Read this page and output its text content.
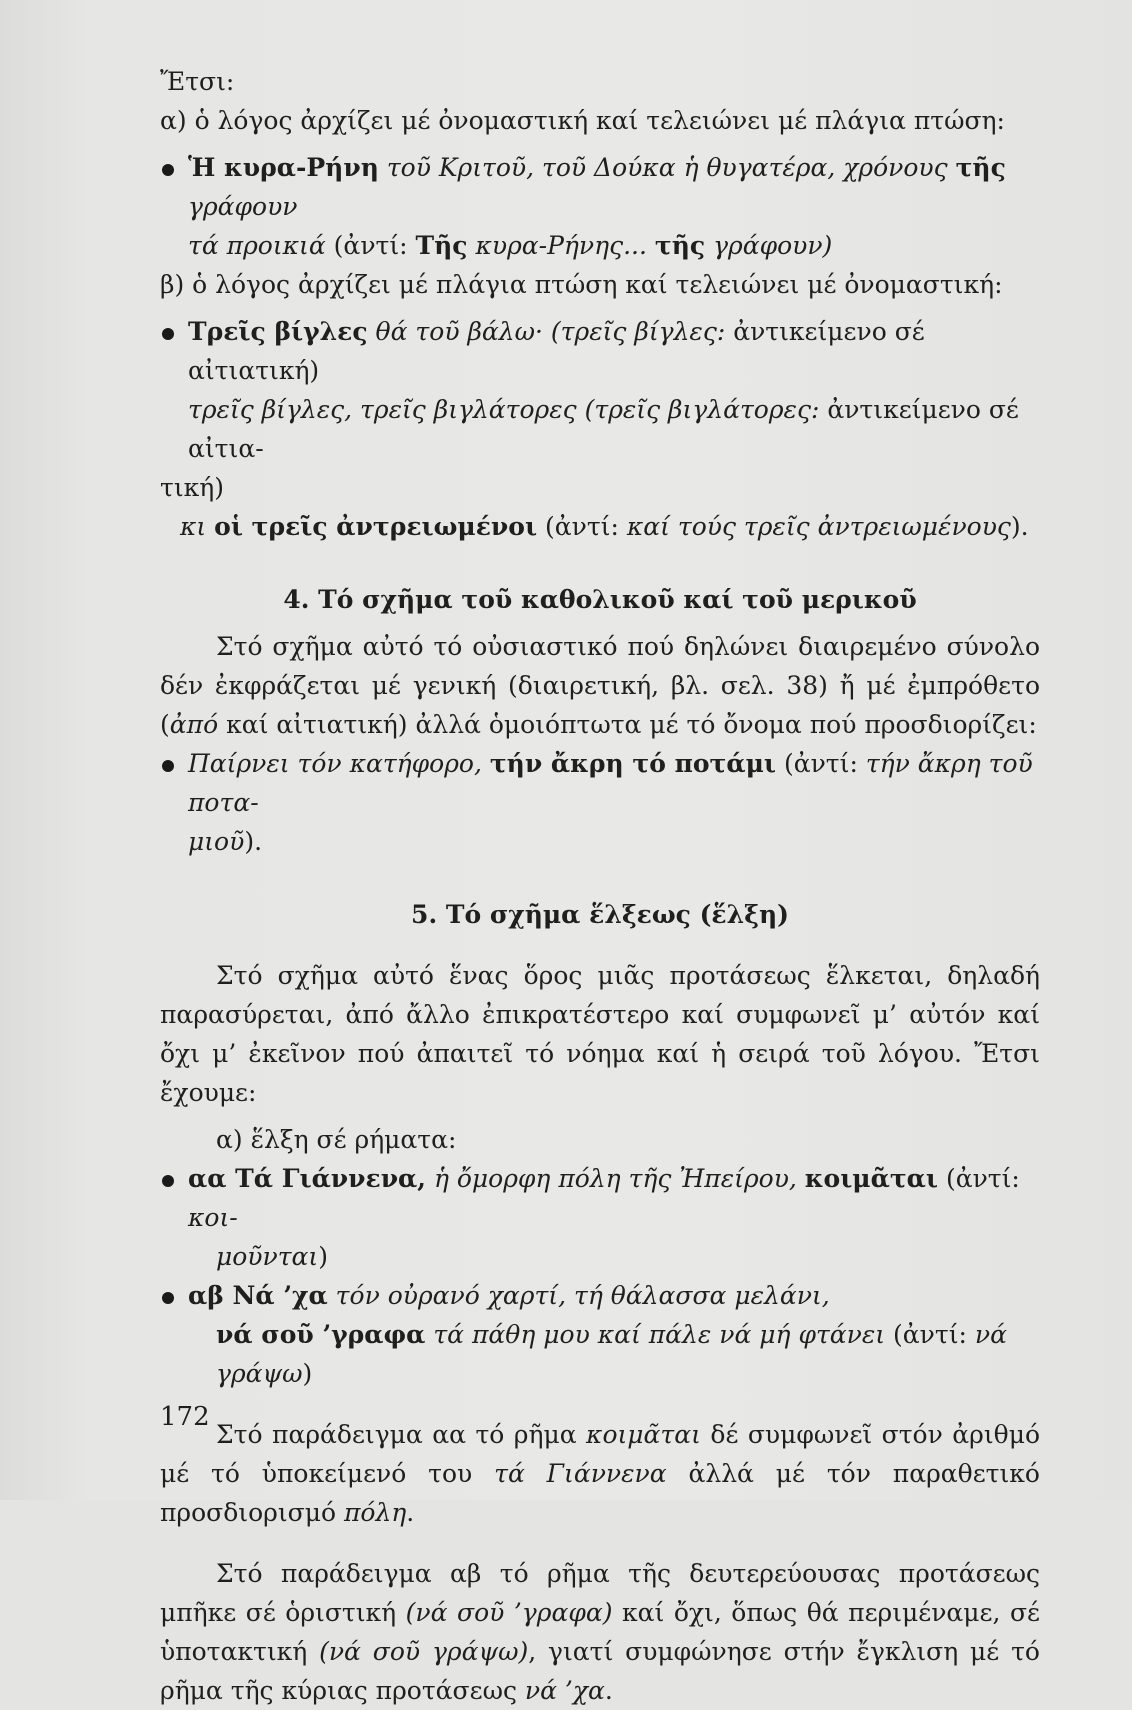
Ἔτσι:

α) ὁ λόγος ἀρχίζει μέ ὀνομαστική καί τελειώνει μέ πλάγια πτώση:

Ἡ κυρα-Ρήνη τοῦ Κριτοῦ, τοῦ Δούκα ἡ θυγατέρα, χρόνους τῆς γράφουν

τά προικιά (ἀντί: Τῆς κυρα-Ρήνης... τῆς γράφουν)

β) ὁ λόγος ἀρχίζει μέ πλάγια πτώση καί τελειώνει μέ ὀνομαστική:

Τρεῖς βίγλες θά τοῦ βάλω· (τρεῖς βίγλες: ἀντικείμενο σέ αἰτιατική)

τρεῖς βίγλες, τρεῖς βιγλάτορες (τρεῖς βιγλάτορες: ἀντικείμενο σέ αἰτια-

τική)

κι οἱ τρεῖς ἀντρειωμένοι (ἀντί: καί τούς τρεῖς ἀντρειωμένους).

4. Τό σχῆμα τοῦ καθολικοῦ καί τοῦ μερικοῦ

Στό σχῆμα αὐτό τό οὐσιαστικό πού δηλώνει διαιρεμένο σύνολο δέν ἐκφράζεται μέ γενική (διαιρετική, βλ. σελ. 38) ἤ μέ ἐμπρόθετο (ἀπό καί αἰτιατική) ἀλλά ὁμοιόπτωτα μέ τό ὄνομα πού προσδιορίζει:

Παίρνει τόν κατήφορο, τήν ἄκρη τό ποτάμι (ἀντί: τήν ἄκρη τοῦ ποτα-

μιοῦ).

5. Τό σχῆμα ἕλξεως (ἕλξη)

Στό σχῆμα αὐτό ἕνας ὅρος μιᾶς προτάσεως ἕλκεται, δηλαδή παρασύρεται, ἀπό ἄλλο ἐπικρατέστερο καί συμφωνεῖ μ’ αὐτόν καί ὄχι μ’ ἐκεῖνον πού ἀπαιτεῖ τό νόημα καί ἡ σειρά τοῦ λόγου. Ἔτσι ἔχουμε:

α) ἕλξη σέ ρήματα:

αα Τά Γιάννενα, ἡ ὄμορφη πόλη τῆς Ἠπείρου, κοιμᾶται (ἀντί: κοι-

μοῦνται)

αβ Νά ’χα τόν οὐρανό χαρτί, τή θάλασσα μελάνι,

νά σοῦ ’γραφα τά πάθη μου καί πάλε νά μή φτάνει (ἀντί: νά γράψω)

Στό παράδειγμα αα τό ρῆμα κοιμᾶται δέ συμφωνεῖ στόν ἀριθμό μέ τό ὑποκείμενό του τά Γιάννενα ἀλλά μέ τόν παραθετικό προσδιορισμό πόλη.

Στό παράδειγμα αβ τό ρῆμα τῆς δευτερεύουσας προτάσεως μπῆκε σέ ὁριστική (νά σοῦ ’γραφα) καί ὄχι, ὅπως θά περιμέναμε, σέ ὑποτακτική (νά σοῦ γράψω), γιατί συμφώνησε στήν ἔγκλιση μέ τό ρῆμα τῆς κύριας προτάσεως νά ’χα.

172
